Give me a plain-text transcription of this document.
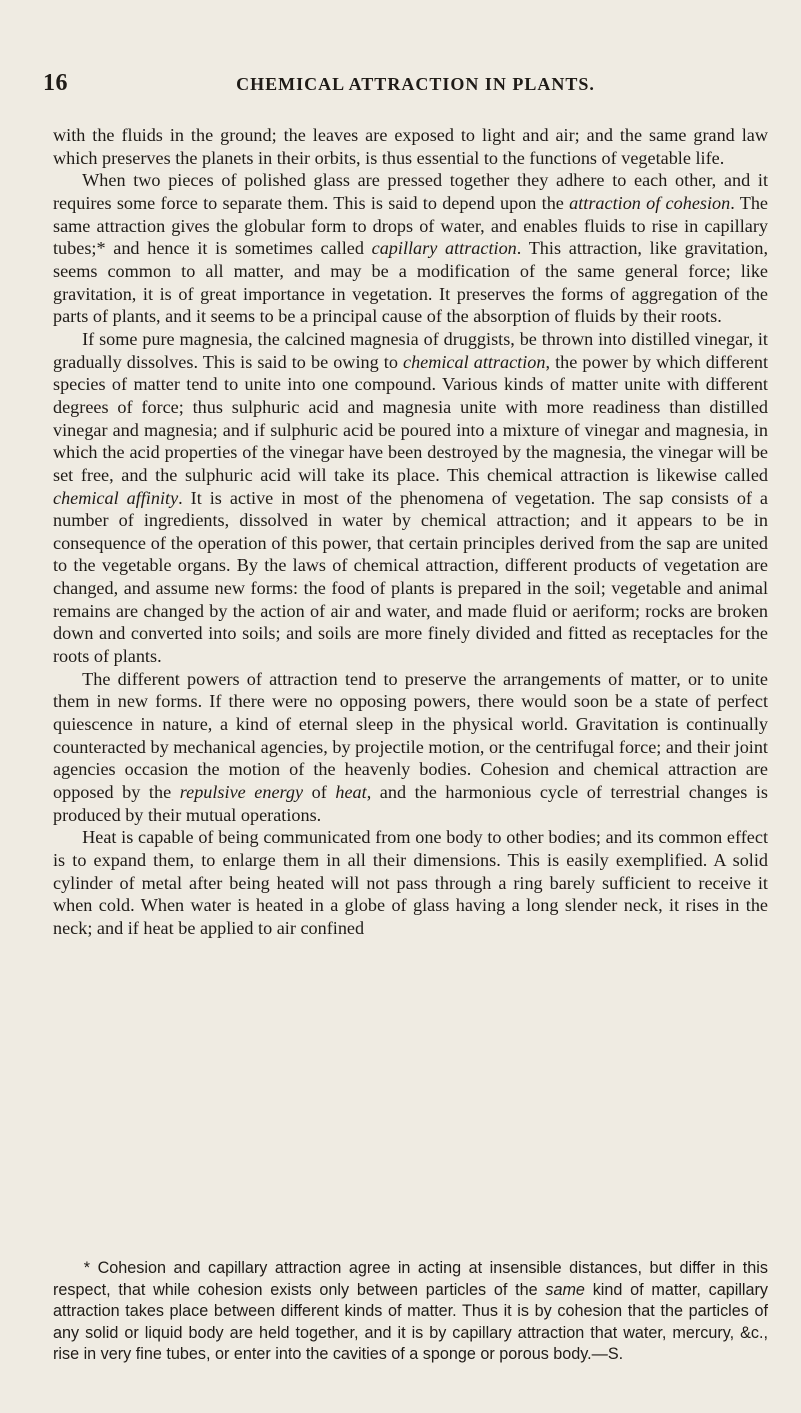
16	CHEMICAL ATTRACTION IN PLANTS.

with the fluids in the ground; the leaves are exposed to light and air; and the same grand law which preserves the planets in their orbits, is thus essential to the functions of vegetable life.

When two pieces of polished glass are pressed together they adhere to each other, and it requires some force to separate them. This is said to depend upon the attraction of cohesion. The same attraction gives the globular form to drops of water, and enables fluids to rise in capillary tubes;* and hence it is sometimes called capillary attraction. This attraction, like gravitation, seems common to all matter, and may be a modification of the same general force; like gravitation, it is of great importance in vegetation. It preserves the forms of aggregation of the parts of plants, and it seems to be a principal cause of the absorption of fluids by their roots.

If some pure magnesia, the calcined magnesia of druggists, be thrown into distilled vinegar, it gradually dissolves. This is said to be owing to chemical attraction, the power by which different species of matter tend to unite into one compound. Various kinds of matter unite with different degrees of force; thus sulphuric acid and magnesia unite with more readiness than distilled vinegar and magnesia; and if sulphuric acid be poured into a mixture of vinegar and magnesia, in which the acid properties of the vinegar have been destroyed by the magnesia, the vinegar will be set free, and the sulphuric acid will take its place. This chemical attraction is likewise called chemical affinity. It is active in most of the phenomena of vegetation. The sap consists of a number of ingredients, dissolved in water by chemical attraction; and it appears to be in consequence of the operation of this power, that certain principles derived from the sap are united to the vegetable organs. By the laws of chemical attraction, different products of vegetation are changed, and assume new forms: the food of plants is prepared in the soil; vegetable and animal remains are changed by the action of air and water, and made fluid or aeriform; rocks are broken down and converted into soils; and soils are more finely divided and fitted as receptacles for the roots of plants.

The different powers of attraction tend to preserve the arrangements of matter, or to unite them in new forms. If there were no opposing powers, there would soon be a state of perfect quiescence in nature, a kind of eternal sleep in the physical world. Gravitation is continually counteracted by mechanical agencies, by projectile motion, or the centrifugal force; and their joint agencies occasion the motion of the heavenly bodies. Cohesion and chemical attraction are opposed by the repulsive energy of heat, and the harmonious cycle of terrestrial changes is produced by their mutual operations.

Heat is capable of being communicated from one body to other bodies; and its common effect is to expand them, to enlarge them in all their dimensions. This is easily exemplified. A solid cylinder of metal after being heated will not pass through a ring barely sufficient to receive it when cold. When water is heated in a globe of glass having a long slender neck, it rises in the neck; and if heat be applied to air confined

* Cohesion and capillary attraction agree in acting at insensible distances, but differ in this respect, that while cohesion exists only between particles of the same kind of matter, capillary attraction takes place between different kinds of matter. Thus it is by cohesion that the particles of any solid or liquid body are held together, and it is by capillary attraction that water, mercury, &c., rise in very fine tubes, or enter into the cavities of a sponge or porous body.—S.
